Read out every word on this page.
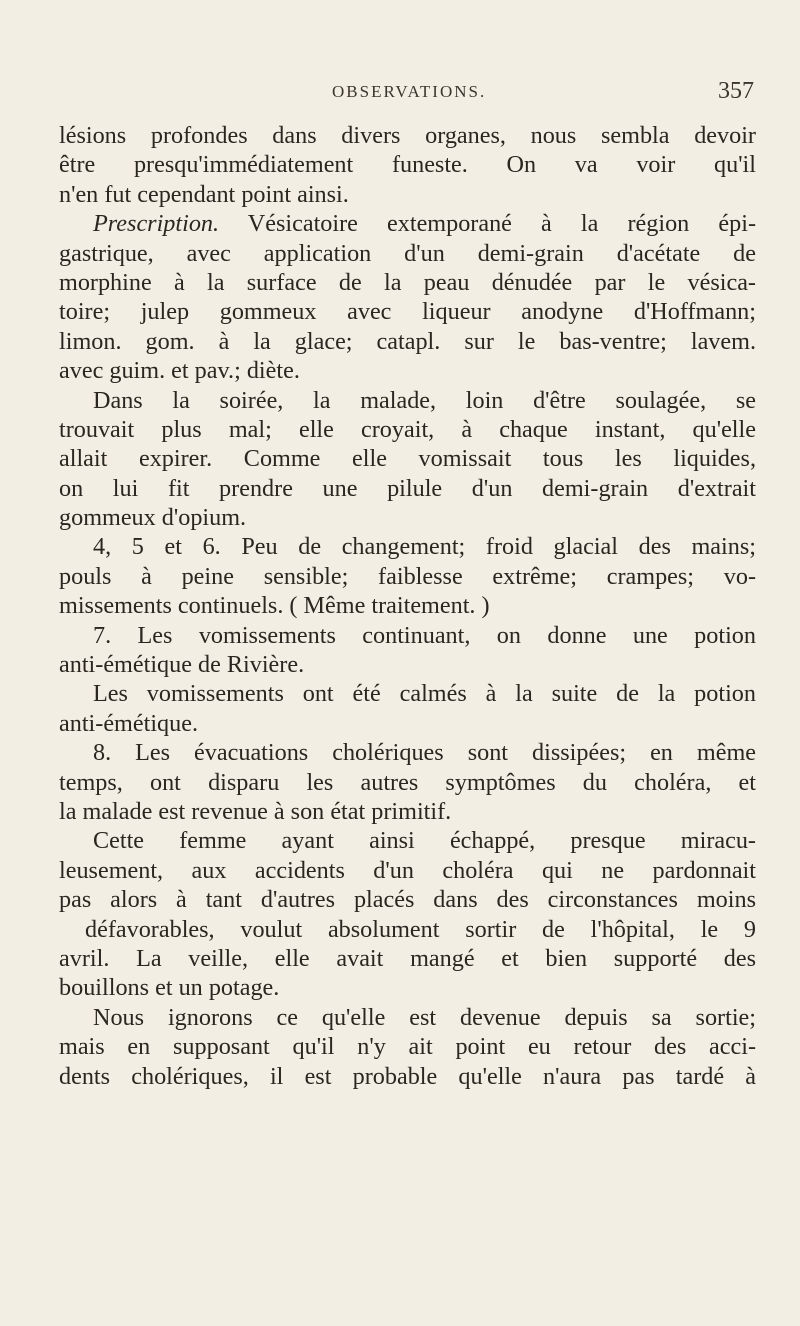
OBSERVATIONS.	357
lésions profondes dans divers organes, nous sembla devoir
être presqu'immédiatement funeste. On va voir qu'il
n'en fut cependant point ainsi.
Prescription. Vésicatoire extemporané à la région épi-
gastrique, avec application d'un demi-grain d'acétate de
morphine à la surface de la peau dénudée par le vésica-
toire; julep gommeux avec liqueur anodyne d'Hoffmann;
limon. gom. à la glace; catapl. sur le bas-ventre; lavem.
avec guim. et pav.; diète.
Dans la soirée, la malade, loin d'être soulagée, se
trouvait plus mal; elle croyait, à chaque instant, qu'elle
allait expirer. Comme elle vomissait tous les liquides,
on lui fit prendre une pilule d'un demi-grain d'extrait
gommeux d'opium.
4, 5 et 6. Peu de changement; froid glacial des mains;
pouls à peine sensible; faiblesse extrême; crampes; vo-
missements continuels. ( Même traitement. )
7. Les vomissements continuant, on donne une potion
anti-émétique de Rivière.
Les vomissements ont été calmés à la suite de la potion
anti-émétique.
8. Les évacuations cholériques sont dissipées; en même
temps, ont disparu les autres symptômes du choléra, et
la malade est revenue à son état primitif.
Cette femme ayant ainsi échappé, presque miracu-
leusement, aux accidents d'un choléra qui ne pardonnait
pas alors à tant d'autres placés dans des circonstances moins
défavorables, voulut absolument sortir de l'hôpital, le 9
avril. La veille, elle avait mangé et bien supporté des
bouillons et un potage.
Nous ignorons ce qu'elle est devenue depuis sa sortie;
mais en supposant qu'il n'y ait point eu retour des acci-
dents cholériques, il est probable qu'elle n'aura pas tardé à
